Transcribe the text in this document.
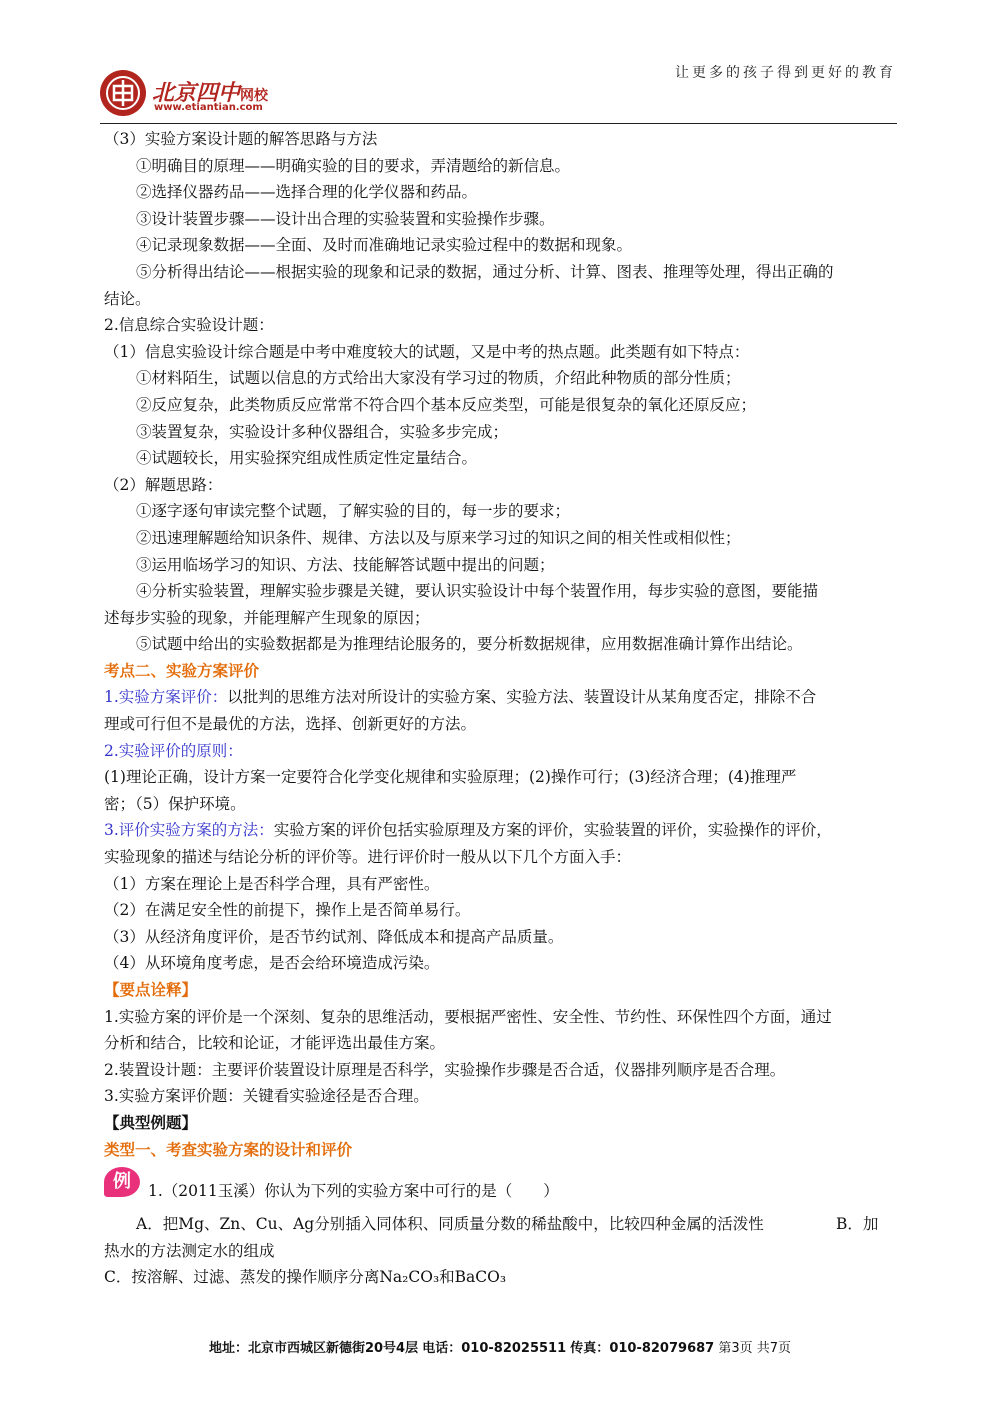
让更多的孩子得到更好的教育
北京四中网校
www.etiantian.com
（3）实验方案设计题的解答思路与方法
①明确目的原理——明确实验的目的要求，弄清题给的新信息。
②选择仪器药品——选择合理的化学仪器和药品。
③设计装置步骤——设计出合理的实验装置和实验操作步骤。
④记录现象数据——全面、及时而准确地记录实验过程中的数据和现象。
⑤分析得出结论——根据实验的现象和记录的数据，通过分析、计算、图表、推理等处理，得出正确的
结论。
2.信息综合实验设计题：
（1）信息实验设计综合题是中考中难度较大的试题，又是中考的热点题。此类题有如下特点：
①材料陌生，试题以信息的方式给出大家没有学习过的物质，介绍此种物质的部分性质；
②反应复杂，此类物质反应常常不符合四个基本反应类型，可能是很复杂的氧化还原反应；
③装置复杂，实验设计多种仪器组合，实验多步完成；
④试题较长，用实验探究组成性质定性定量结合。
（2）解题思路：
①逐字逐句审读完整个试题，了解实验的目的，每一步的要求；
②迅速理解题给知识条件、规律、方法以及与原来学习过的知识之间的相关性或相似性；
③运用临场学习的知识、方法、技能解答试题中提出的问题；
④分析实验装置，理解实验步骤是关键，要认识实验设计中每个装置作用，每步实验的意图，要能描
述每步实验的现象，并能理解产生现象的原因；
⑤试题中给出的实验数据都是为推理结论服务的，要分析数据规律，应用数据准确计算作出结论。
考点二、实验方案评价
1.实验方案评价：以批判的思维方法对所设计的实验方案、实验方法、装置设计从某角度否定，排除不合
理或可行但不是最优的方法，选择、创新更好的方法。
2.实验评价的原则：
(1)理论正确，设计方案一定要符合化学变化规律和实验原理；(2)操作可行；(3)经济合理；(4)推理严
密；（5）保护环境。
3.评价实验方案的方法：实验方案的评价包括实验原理及方案的评价，实验装置的评价，实验操作的评价，
实验现象的描述与结论分析的评价等。进行评价时一般从以下几个方面入手：
（1）方案在理论上是否科学合理，具有严密性。
（2）在满足安全性的前提下，操作上是否简单易行。
（3）从经济角度评价，是否节约试剂、降低成本和提高产品质量。
（4）从环境角度考虑，是否会给环境造成污染。
【要点诠释】
1.实验方案的评价是一个深刻、复杂的思维活动，要根据严密性、安全性、节约性、环保性四个方面，通过
分析和结合，比较和论证，才能评选出最佳方案。
2.装置设计题：主要评价装置设计原理是否科学，实验操作步骤是否合适，仪器排列顺序是否合理。
3.实验方案评价题：关键看实验途径是否合理。
【典型例题】
类型一、考查实验方案的设计和评价
例	1.（2011玉溪）你认为下列的实验方案中可行的是（　　）
A．把Mg、Zn、Cu、Ag分别插入同体积、同质量分数的稀盐酸中，比较四种金属的活泼性	B．加
热水的方法测定水的组成
C．按溶解、过滤、蒸发的操作顺序分离Na₂CO₃和BaCO₃
地址：北京市西城区新德街20号4层 电话：010-82025511 传真：010-82079687 第3页 共7页
